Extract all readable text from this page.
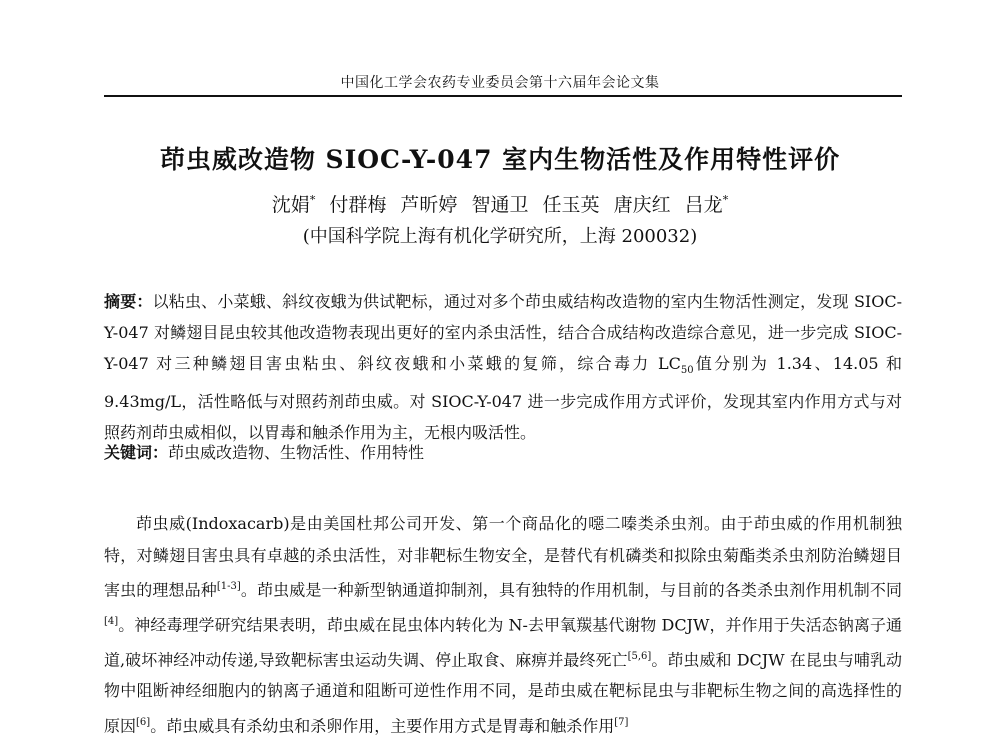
中国化工学会农药专业委员会第十六届年会论文集
茚虫威改造物 SIOC-Y-047 室内生物活性及作用特性评价
沈娟* 付群梅 芦昕婷 智通卫 任玉英 唐庆红 吕龙*
(中国科学院上海有机化学研究所，上海 200032)

摘要：以粘虫、小菜蛾、斜纹夜蛾为供试靶标，通过对多个茚虫威结构改造物的室内生物活性测定，发现 SIOC-Y-047 对鳞翅目昆虫较其他改造物表现出更好的室内杀虫活性，结合合成结构改造综合意见，进一步完成 SIOC-Y-047 对三种鳞翅目害虫粘虫、斜纹夜蛾和小菜蛾的复筛，综合毒力 $LC_{50}$值分别为 1.34、14.05 和 9.43mg/L，活性略低与对照药剂茚虫威。对 SIOC-Y-047 进一步完成作用方式评价，发现其室内作用方式与对照药剂茚虫威相似，以胃毒和触杀作用为主，无根内吸活性。

关键词：茚虫威改造物、生物活性、作用特性

茚虫威(Indoxacarb)是由美国杜邦公司开发、第一个商品化的噁二嗪类杀虫剂。由于茚虫威的作用机制独特，对鳞翅目害虫具有卓越的杀虫活性，对非靶标生物安全，是替代有机磷类和拟除虫菊酯类杀虫剂防治鳞翅目害虫的理想品种[1-3]。茚虫威是一种新型钠通道抑制剂，具有独特的作用机制，与目前的各类杀虫剂作用机制不同[4]。神经毒理学研究结果表明，茚虫威在昆虫体内转化为 N-去甲氧羰基代谢物 DCJW，并作用于失活态钠离子通道,破坏神经冲动传递,导致靶标害虫运动失调、停止取食、麻痹并最终死亡[5,6]。茚虫威和 DCJW 在昆虫与哺乳动物中阻断神经细胞内的钠离子通道和阻断可逆性作用不同，是茚虫威在靶标昆虫与非靶标生物之间的高选择性的原因[6]。茚虫威具有杀幼虫和杀卵作用，主要作用方式是胃毒和触杀作用[7]
